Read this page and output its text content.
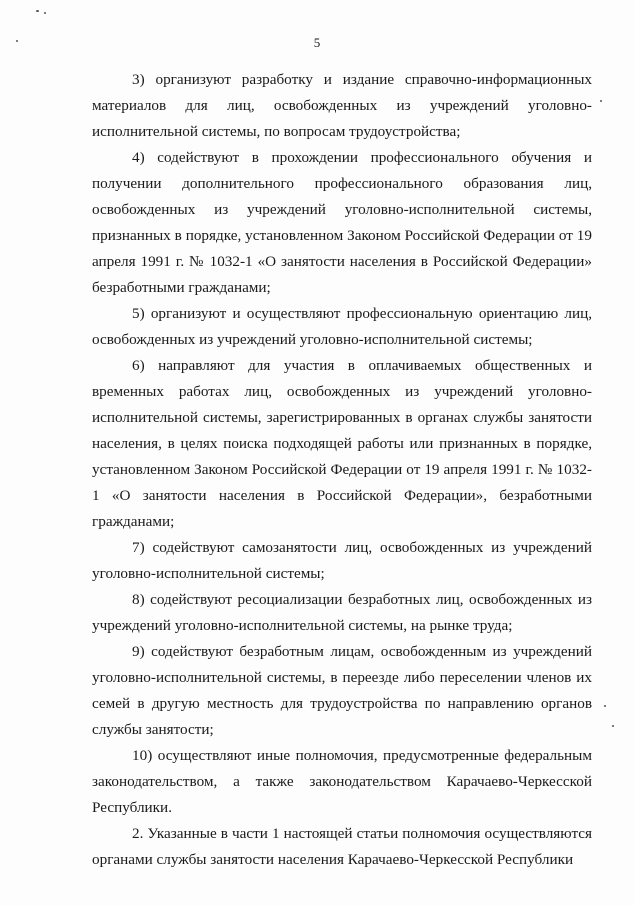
5

3) организуют разработку и издание справочно-информационных материалов для лиц, освобожденных из учреждений уголовно-исполнительной системы, по вопросам трудоустройства;

4) содействуют в прохождении профессионального обучения и получении дополнительного профессионального образования лиц, освобожденных из учреждений уголовно-исполнительной системы, признанных в порядке, установленном Законом Российской Федерации от 19 апреля 1991 г. № 1032-1 «О занятости населения в Российской Федерации» безработными гражданами;

5) организуют и осуществляют профессиональную ориентацию лиц, освобожденных из учреждений уголовно-исполнительной системы;

6) направляют для участия в оплачиваемых общественных и временных работах лиц, освобожденных из учреждений уголовно-исполнительной системы, зарегистрированных в органах службы занятости населения, в целях поиска подходящей работы или признанных в порядке, установленном Законом Российской Федерации от 19 апреля 1991 г. № 1032-1 «О занятости населения в Российской Федерации», безработными гражданами;

7) содействуют самозанятости лиц, освобожденных из учреждений уголовно-исполнительной системы;

8) содействуют ресоциализации безработных лиц, освобожденных из учреждений уголовно-исполнительной системы, на рынке труда;

9) содействуют безработным лицам, освобожденным из учреждений уголовно-исполнительной системы, в переезде либо переселении членов их семей в другую местность для трудоустройства по направлению органов службы занятости;

10) осуществляют иные полномочия, предусмотренные федеральным законодательством, а также законодательством Карачаево-Черкесской Республики.

2. Указанные в части 1 настоящей статьи полномочия осуществляются органами службы занятости населения Карачаево-Черкесской Республики
